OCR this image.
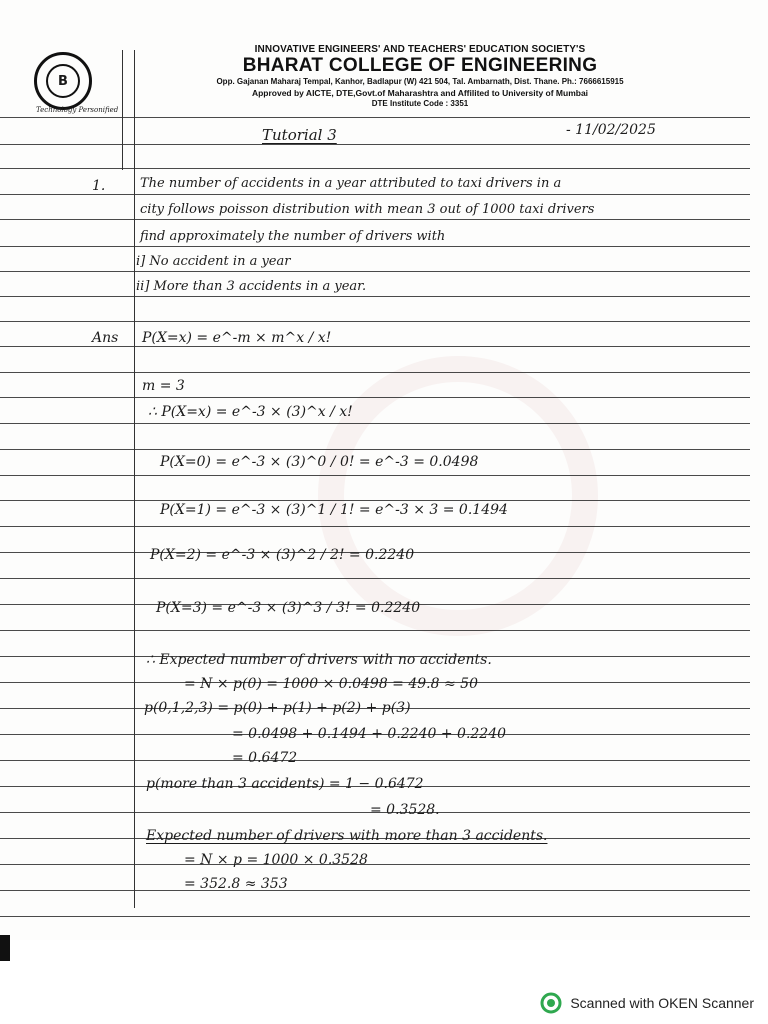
B
Technology Personified
INNOVATIVE ENGINEERS' AND TEACHERS' EDUCATION SOCIETY'S
BHARAT COLLEGE OF ENGINEERING
Opp. Gajanan Maharaj Tempal, Kanhor, Badlapur (W) 421 504, Tal. Ambarnath, Dist. Thane. Ph.: 7666615915
Approved by AICTE, DTE,Govt.of Maharashtra and Affilited to University of Mumbai
DTE Institute Code : 3351
Tutorial 3	- 11/02/2025
1.	The number of accidents in a year attributed to taxi drivers in a
city follows poisson distribution with mean 3 out of 1000 taxi drivers
find approximately the number of drivers with
i] No accident in a year
ii] More than 3 accidents in a year.
Ans P(X=x) = e^-m × m^x / x!
m = 3
∴ P(X=x) = e^-3 × (3)^x / x!
P(X=0) = e^-3 × (3)^0 / 0! = e^-3 = 0.0498
P(X=1) = e^-3 × (3)^1 / 1! = e^-3 × 3 = 0.1494
P(X=2) = e^-3 × (3)^2 / 2! = 0.2240
P(X=3) = e^-3 × (3)^3 / 3! = 0.2240
∴ Expected number of drivers with no accidents.
= N × p(0) = 1000 × 0.0498 = 49.8 ≈ 50
p(0,1,2,3) = p(0) + p(1) + p(2) + p(3)
= 0.0498 + 0.1494 + 0.2240 + 0.2240
= 0.6472
p(more than 3 accidents) = 1 − 0.6472
= 0.3528.
Expected number of drivers with more than 3 accidents.
= N × p = 1000 × 0.3528
= 352.8 ≈ 353
Scanned with OKEN Scanner
